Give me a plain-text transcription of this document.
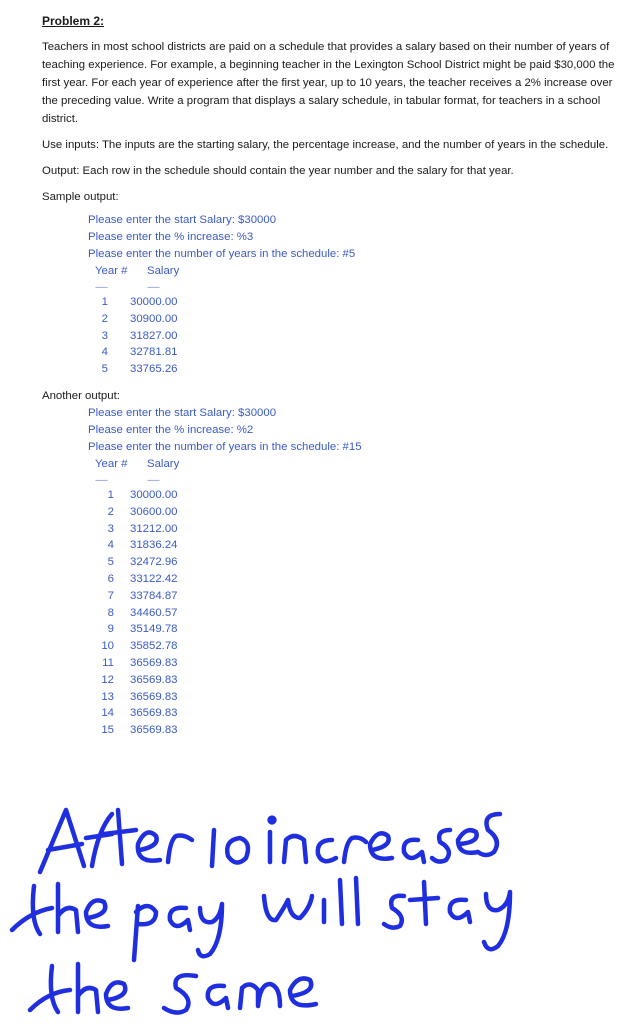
Problem 2:

Teachers in most school districts are paid on a schedule that provides a salary based on their number of years of teaching experience. For example, a beginning teacher in the Lexington School District might be paid $30,000 the first year. For each year of experience after the first year, up to 10 years, the teacher receives a 2% increase over the preceding value. Write a program that displays a salary schedule, in tabular format, for teachers in a school district.

Use inputs: The inputs are the starting salary, the percentage increase, and the number of years in the schedule.

Output: Each row in the schedule should contain the year number and the salary for that year.

Sample output:
Please enter the start Salary: $30000
Please enter the % increase: %3
Please enter the number of years in the schedule: #5
Year # Salary
------	------
1 30000.00
2 30900.00
3 31827.00
4 32781.81
5 33765.26
Another output:
Please enter the start Salary: $30000
Please enter the % increase: %2
Please enter the number of years in the schedule: #15
Year # Salary
------	------
1 30000.00
2 30600.00
3 31212.00
4 31836.24
5 32472.96
6 33122.42
7 33784.87
8 34460.57
9 35149.78
10 35852.78
11 36569.83
12 36569.83
13 36569.83
14 36569.83
15 36569.83
